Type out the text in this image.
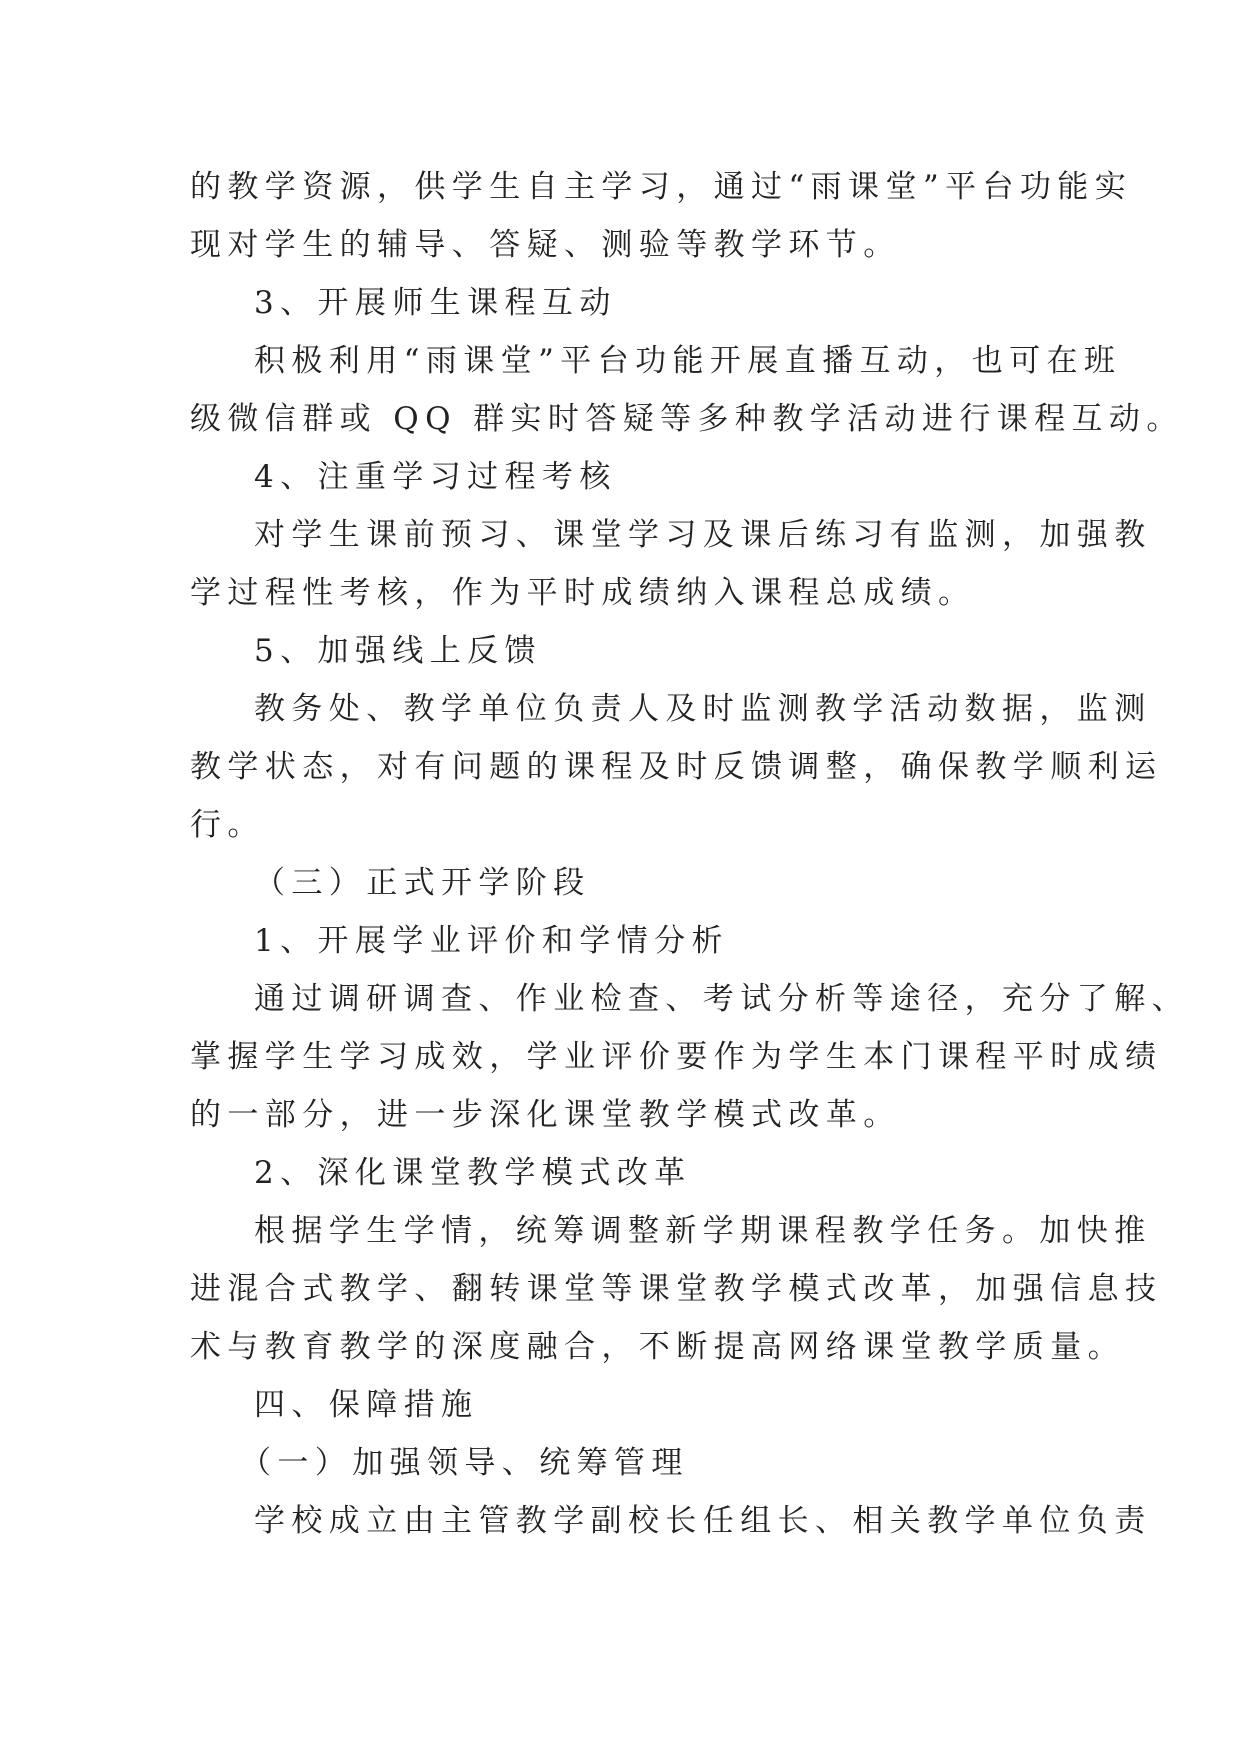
的教学资源，供学生自主学习，通过“雨课堂”平台功能实
现对学生的辅导、答疑、测验等教学环节。
3、开展师生课程互动
积极利用“雨课堂”平台功能开展直播互动，也可在班
级微信群或 QQ 群实时答疑等多种教学活动进行课程互动。
4、注重学习过程考核
对学生课前预习、课堂学习及课后练习有监测，加强教
学过程性考核，作为平时成绩纳入课程总成绩。
5、加强线上反馈
教务处、教学单位负责人及时监测教学活动数据，监测
教学状态，对有问题的课程及时反馈调整，确保教学顺利运
行。
（三）正式开学阶段
1、开展学业评价和学情分析
通过调研调查、作业检查、考试分析等途径，充分了解、
掌握学生学习成效，学业评价要作为学生本门课程平时成绩
的一部分，进一步深化课堂教学模式改革。
2、深化课堂教学模式改革
根据学生学情，统筹调整新学期课程教学任务。加快推
进混合式教学、翻转课堂等课堂教学模式改革，加强信息技
术与教育教学的深度融合，不断提高网络课堂教学质量。
四、保障措施
（一）加强领导、统筹管理
学校成立由主管教学副校长任组长、相关教学单位负责
